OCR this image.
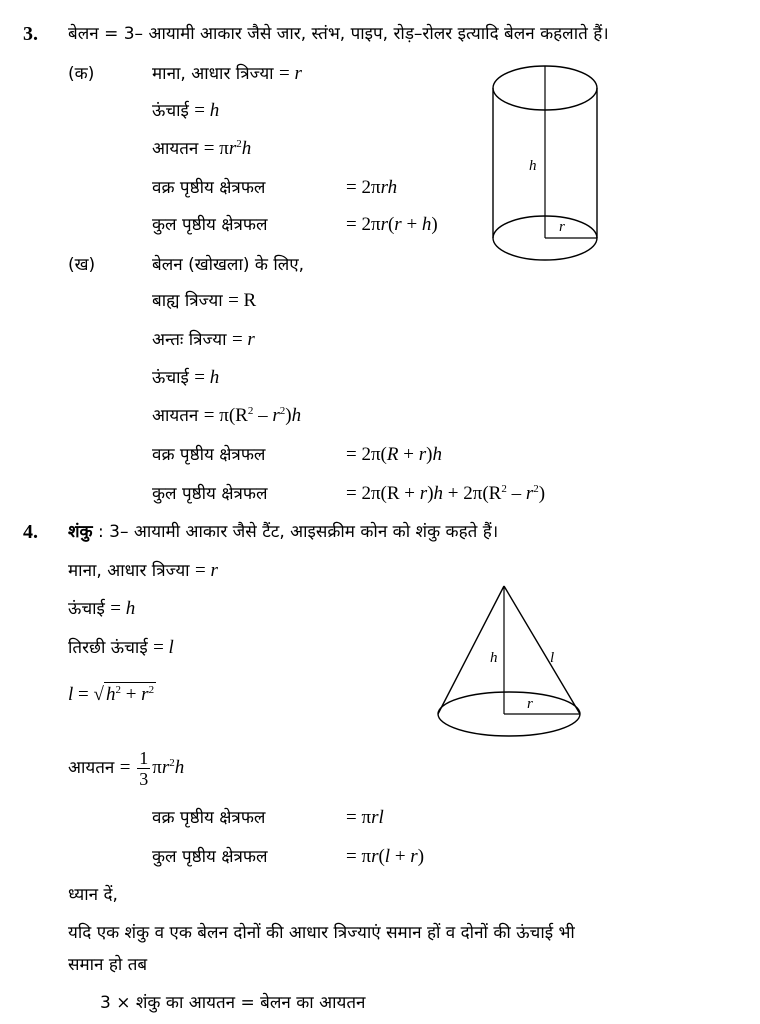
3. बेलन = 3– आयामी आकार जैसे जार, स्तंभ, पाइप, रोड़–रोलर इत्यादि बेलन कहलाते हैं।
(क)	माना, आधार त्रिज्या = r
ऊंचाई = h
आयतन = $\pi r^2h$
वक्र पृष्ठीय क्षेत्रफल	= 2πrh
कुल पृष्ठीय क्षेत्रफल	= 2πr(r + h)
(ख)	बेलन (खोखला) के लिए,
बाह्य त्रिज्या = R
अन्तः त्रिज्या = r
ऊंचाई = h
आयतन = $\pi(R^2 - r^2)h$
वक्र पृष्ठीय क्षेत्रफल	= 2π(R + r)h
कुल पृष्ठीय क्षेत्रफल	= $2\pi(R + r)h + 2\pi(R^2 - r^2)$
h
r
4. शंकु : 3– आयामी आकार जैसे टैंट, आइसक्रीम कोन को शंकु कहते हैं।
माना, आधार त्रिज्या = r
ऊंचाई = h
तिरछी ऊंचाई = l
l = √ $h^2 + r^2$
आयतन = $\frac{1}{3} \pi r^2h$
वक्र पृष्ठीय क्षेत्रफल	= πrl
कुल पृष्ठीय क्षेत्रफल	= πr(l + r)
ध्यान दें,
यदि एक शंकु व एक बेलन दोनों की आधार त्रिज्याएं समान हों व दोनों की ऊंचाई भी
समान हो तब
3 × शंकु का आयतन = बेलन का आयतन
h	l
r
